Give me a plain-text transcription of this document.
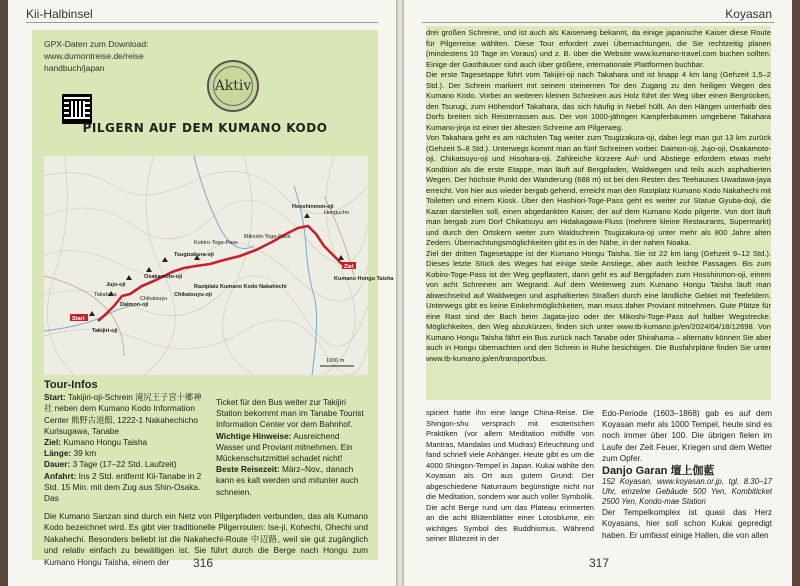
Kii-Halbinsel
GPX-Daten zum Download: www.dumontreise.de/reise handbuch/japan
Aktiv
PILGERN AUF DEM KUMANO KODO
Start
Ziel
Hosshinmon-oji
Hongucho
Kumano Hongu Taisha
Mikoshi-Toge-Pass
Kobiro-Toge-Pass
Tsugizakura-oji
Rastplatz Kumano Kodo Nakahechi
Osakamoto-oji
Chikatsuyu
Chikatsuyu-oji
Takahara
Jujo-oji
Daimon-oji
Takijiri-oji
1000 m
Tour-Infos
Start: Takijiri-oji-Schrein 滝尻王子宮十郷神社 neben dem Kumano Kodo Information Center 熊野古道館, 1222-1 Nakahechicho Kurisugawa, Tanabe
Ziel: Kumano Hongu Taisha
Länge: 39 km
Dauer: 3 Tage (17–22 Std. Laufzeit)
Anfahrt: Ins 2 Std. entfernt Kii-Tanabe in 2 Std. 15 Min. mit dem Zug aus Shin-Osaka. Das
Ticket für den Bus weiter zur Takijiri Station bekommt man im Tanabe Tourist Information Center vor dem Bahnhof.
Wichtige Hinweise: Ausreichend Wasser und Proviant mitnehmen. Ein Mückenschutzmittel schadet nicht!
Beste Reisezeit: März–Nov., danach kann es kalt werden und mitunter auch schneien.
Die Kumano Sanzan sind durch ein Netz von Pilgerpfaden verbunden, das als Kumano Kodo bezeichnet wird. Es gibt vier traditionelle Pilgerrouten: Ise-ji, Kohechi, Ohechi und Nakahechi. Besonders beliebt ist die Nakahechi-Route 中辺路, weil sie gut zugänglich und relativ einfach zu bewältigen ist. Sie führt durch die Berge nach Hongu zum Kumano Hongu Taisha, einem der	316
Koyasan

drei großen Schreine, und ist auch als Kaiserweg bekannt, da einige japanische Kaiser diese Route für Pilgerreise wählten. Diese Tour erfordert zwei Übernachtungen, die Sie rechtzeitig planen (mindestens 10 Tage im Voraus) und z. B. über die Website www.kumano-travel.com buchen sollten. Einige der Gasthäuser sind auch über größere, internationale Plattformen buchbar.

Die erste Tagesetappe führt vom Takijiri-oji nach Takahara und ist knapp 4 km lang (Gehzeit 1,5–2 Std.). Der Schrein markiert mit seinem steinernen Tor den Zugang zu den heiligen Wegen des Kumano Kodo. Vorbei an weiteren kleinen Schreinen aus Holz führt der Weg über einen Bergrücken, den Tsurugi, zum Höhendorf Takahara, das sich häufig in Nebel hüllt. An den Hängen unterhalb des Dorfs breiten sich Reisterrassen aus. Der von 1000-jährigen Kampferbäumen umgebene Takahara Kumano-jinja ist einer der ältesten Schreine am Pilgerweg.

Von Takahara geht es am nächsten Tag weiter zum Tsugizakura-oji, dabei legt man gut 13 km zurück (Gehzeit 5–8 Std.). Unterwegs kommt man an fünf Schreinen vorbei: Daimon-oji, Jujo-oji, Osakamoto-oji, Chikatsuyu-oji und Hisohara-oji. Zahlreiche kürzere Auf- und Abstiege erfordern etwas mehr Kondition als die erste Etappe, man läuft auf Bergpfaden, Waldwegen und teils auch asphaltierten Wegen. Der höchste Punkt der Wanderung (688 m) ist bei den Resten des Teehauses Uwadawa-jaya erreicht. Von hier aus wieder bergab gehend, erreicht man den Rastplatz Kumano Kodo Nakahechi mit Toiletten und einem Kiosk. Über den Hashiori-Toge-Pass geht es weiter zur Statue Gyuba-doji, die Kazan darstellen soll, einen abgedankten Kaiser, der auf dem Kumano Kodo pilgerte. Von dort läuft man bergab zum Dorf Chikatsuyu am Hidakagawa-Fluss (mehrere kleine Restaurants, Supermarkt) und durch den Ortskern weiter zum Waldschrein Tsugizakura-oji unter mehr als 800 Jahre alten Zedern. Übernachtungsmöglichkeiten gibt es in der Nähe, in der nahen Noaka.

Ziel der dritten Tagesetappe ist der Kumano Hongu Taisha. Sie ist 22 km lang (Gehzeit 9–12 Std.). Dieses letzte Stück des Weges hat einige steile Anstiege, aber auch leichte Passagen. Bis zum Kobiro-Toge-Pass ist der Weg gepflastert, dann geht es auf Bergpfaden zum Hosshinmon-oji, einem von acht Schreinen am Wegrand. Auf dem Weiterweg zum Kumano Hongu Taisha läuft man abwechselnd auf Waldwegen und asphaltierten Straßen durch eine ländliche Gebiet mit Teefeldern. Unterwegs gibt es keine Einkehrmöglichkeiten, man muss daher Proviant mitnehmen. Gute Plätze für eine Rast sind der Bach beim Jagata-jizo oder der Mikoshi-Toge-Pass auf halber Wegstrecke. Möglichkeiten, den Weg abzukürzen, finden sich unter www.tb-kumano.jp/en/2024/04/18/12698. Von Kumano Hongu Taisha fährt ein Bus zurück nach Tanabe oder Shirahama – alternativ können Sie aber auch in Hongu übernachten und den Schrein in Ruhe besichtigen. Die Busfahrpläne finden Sie unter www.tb-kumano.jp/en/transport/bus.

spiriert hatte ihn eine lange China-Reise. Die Shingon-shu versprach mit esoterischen Praktiken (vor allem Meditation mithilfe von Mantras, Mandalas und Mudras) Erleuchtung und fand schnell viele Anhänger. Heute gibt es um die 4000 Shingon-Tempel in Japan. Kukai wählte den Koyasan als Ort aus gutem Grund: Der abgeschiedene Naturraum begünstigte nicht nur die Meditation, sondern war auch voller Symbolik. Die acht Berge rund um das Plateau erinnerten an die acht Blütenblätter einer Lotosblume, ein wichtiges Symbol des Buddhismus. Während seiner Blütezeit in der
Edo-Periode (1603–1868) gab es auf dem Koyasan mehr als 1000 Tempel, heute sind es noch immer über 100. Die übrigen fielen im Laufe der Zeit Feuer, Kriegen und dem Wetter zum Opfer.
Danjo Garan 壇上伽藍
152 Koyasan, www.koyasan.or.jp, tgl. 8.30–17 Uhr, einzelne Gebäude 500 Yen, Kombiticket 2500 Yen, Kondo-mae Station
Der Tempelkomplex ist quasi das Herz Koyasans, hier soll schon Kukai gepredigt haben. Er umfasst einige Hallen, die von allen
317
